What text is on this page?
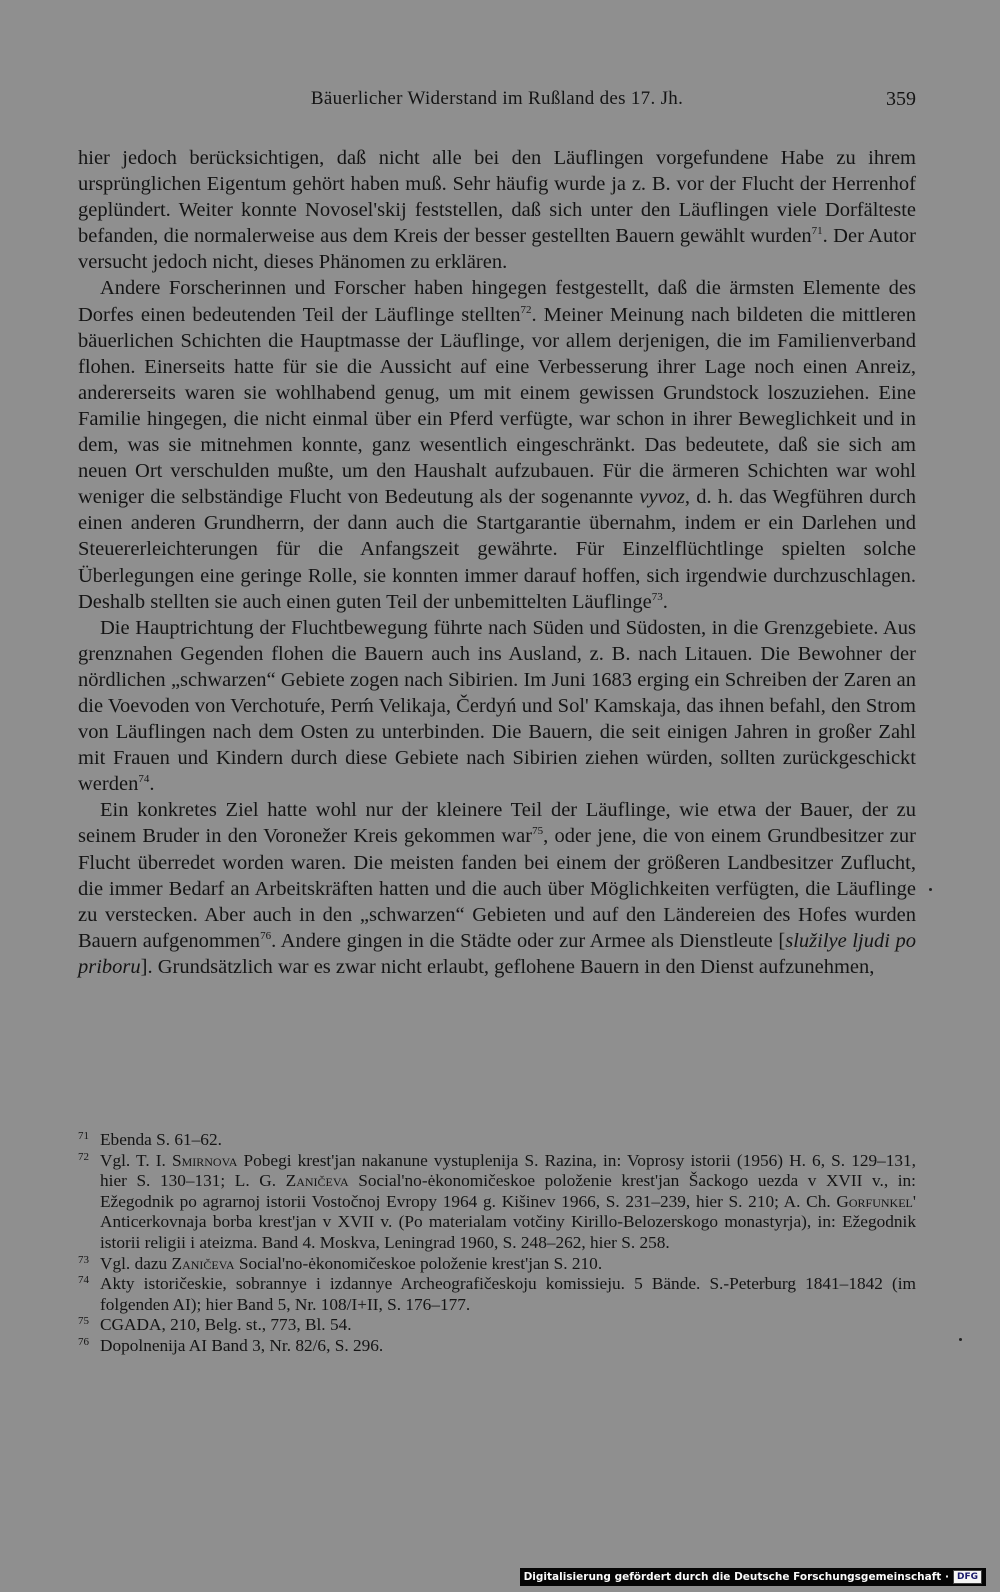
Bäuerlicher Widerstand im Rußland des 17. Jh.	359

hier jedoch berücksichtigen, daß nicht alle bei den Läuflingen vorgefundene Habe zu ihrem ursprünglichen Eigentum gehört haben muß. Sehr häufig wurde ja z. B. vor der Flucht der Herrenhof geplündert. Weiter konnte Novosel'skij feststellen, daß sich unter den Läuflingen viele Dorfälteste befanden, die normalerweise aus dem Kreis der besser gestellten Bauern gewählt wurden$^{71}$. Der Autor versucht jedoch nicht, dieses Phänomen zu erklären.

Andere Forscherinnen und Forscher haben hingegen festgestellt, daß die ärmsten Elemente des Dorfes einen bedeutenden Teil der Läuflinge stellten$^{72}$. Meiner Meinung nach bildeten die mittleren bäuerlichen Schichten die Hauptmasse der Läuflinge, vor allem derjenigen, die im Familienverband flohen. Einerseits hatte für sie die Aussicht auf eine Verbesserung ihrer Lage noch einen Anreiz, andererseits waren sie wohlhabend genug, um mit einem gewissen Grundstock loszuziehen. Eine Familie hingegen, die nicht einmal über ein Pferd verfügte, war schon in ihrer Beweglichkeit und in dem, was sie mitnehmen konnte, ganz wesentlich eingeschränkt. Das bedeutete, daß sie sich am neuen Ort verschulden mußte, um den Haushalt aufzubauen. Für die ärmeren Schichten war wohl weniger die selbständige Flucht von Bedeutung als der sogenannte vyvoz, d. h. das Wegführen durch einen anderen Grundherrn, der dann auch die Startgarantie übernahm, indem er ein Darlehen und Steuererleichterungen für die Anfangszeit gewährte. Für Einzelflüchtlinge spielten solche Überlegungen eine geringe Rolle, sie konnten immer darauf hoffen, sich irgendwie durchzuschlagen. Deshalb stellten sie auch einen guten Teil der unbemittelten Läuflinge$^{73}$.

Die Hauptrichtung der Fluchtbewegung führte nach Süden und Südosten, in die Grenzgebiete. Aus grenznahen Gegenden flohen die Bauern auch ins Ausland, z. B. nach Litauen. Die Bewohner der nördlichen „schwarzen“ Gebiete zogen nach Sibirien. Im Juni 1683 erging ein Schreiben der Zaren an die Voevoden von Verchotuŕe, Perḿ Velikaja, Čerdyń und Sol' Kamskaja, das ihnen befahl, den Strom von Läuflingen nach dem Osten zu unterbinden. Die Bauern, die seit einigen Jahren in großer Zahl mit Frauen und Kindern durch diese Gebiete nach Sibirien ziehen würden, sollten zurückgeschickt werden$^{74}$.

Ein konkretes Ziel hatte wohl nur der kleinere Teil der Läuflinge, wie etwa der Bauer, der zu seinem Bruder in den Voronežer Kreis gekommen war$^{75}$, oder jene, die von einem Grundbesitzer zur Flucht überredet worden waren. Die meisten fanden bei einem der größeren Landbesitzer Zuflucht, die immer Bedarf an Arbeitskräften hatten und die auch über Möglichkeiten verfügten, die Läuflinge zu verstecken. Aber auch in den „schwarzen“ Gebieten und auf den Ländereien des Hofes wurden Bauern aufgenommen$^{76}$. Andere gingen in die Städte oder zur Armee als Dienstleute [služilye ljudi po priboru]. Grundsätzlich war es zwar nicht erlaubt, geflohene Bauern in den Dienst aufzunehmen,

71 Ebenda S. 61–62.

72 Vgl. T. I. Smirnova Pobegi krest'jan nakanune vystuplenija S. Razina, in: Voprosy istorii (1956) H. 6, S. 129–131, hier S. 130–131; L. G. Zaničeva Social'no-ėkonomičeskoe položenie krest'jan Šackogo uezda v XVII v., in: Ežegodnik po agrarnoj istorii Vostočnoj Evropy 1964 g. Kišinev 1966, S. 231–239, hier S. 210; A. Ch. Gorfunkel' Anticerkovnaja borba krest'jan v XVII v. (Po materialam votčiny Kirillo-Belozerskogo monastyrja), in: Ežegodnik istorii religii i ateizma. Band 4. Moskva, Leningrad 1960, S. 248–262, hier S. 258.

73 Vgl. dazu Zaničeva Social'no-ėkonomičeskoe položenie krest'jan S. 210.

74 Akty istoričeskie, sobrannye i izdannye Archeografičeskoju komissieju. 5 Bände. S.-Peterburg 1841–1842 (im folgenden AI); hier Band 5, Nr. 108/I+II, S. 176–177.

75 CGADA, 210, Belg. st., 773, Bl. 54.

76 Dopolnenija AI Band 3, Nr. 82/6, S. 296.

Digitalisierung gefördert durch die Deutsche Forschungsgemeinschaft · DFG
